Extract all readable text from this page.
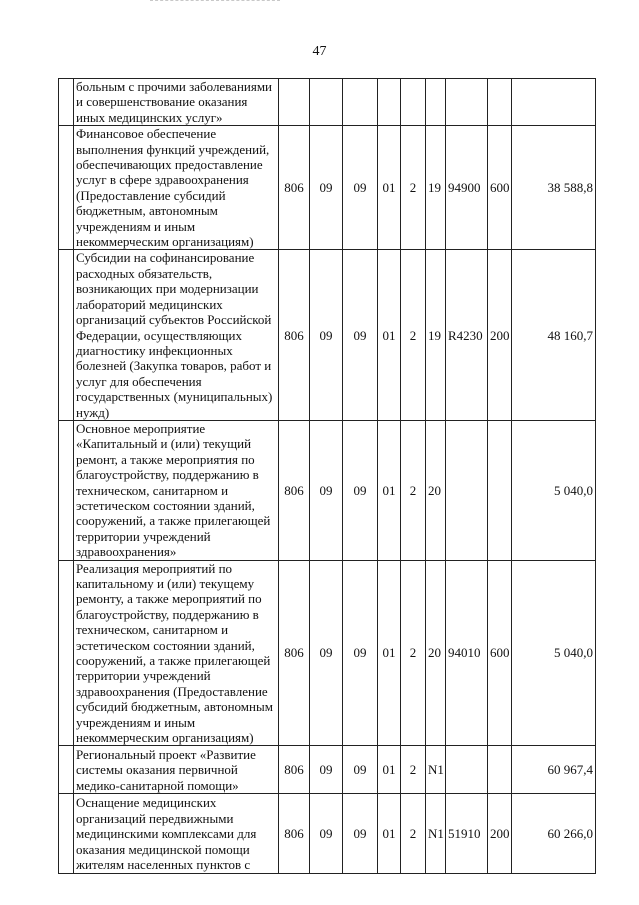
47
	больным с прочими заболеваниями и совершенствование оказания иных медицинских услуг»									
	Финансовое обеспечение выполнения функций учреждений, обеспечивающих предоставление услуг в сфере здравоохранения (Предоставление субсидий бюджетным, автономным учреждениям и иным некоммерческим организациям)	806	09	09	01	2	19	94900	600	38 588,8
	Субсидии на софинансирование расходных обязательств, возникающих при модернизации лабораторий медицинских организаций субъектов Российской Федерации, осуществляющих диагностику инфекционных болезней (Закупка товаров, работ и услуг для обеспечения государственных (муниципальных) нужд)	806	09	09	01	2	19	R4230	200	48 160,7
	Основное мероприятие «Капитальный и (или) текущий ремонт, а также мероприятия по благоустройству, поддержанию в техническом, санитарном и эстетическом состоянии зданий, сооружений, а также прилегающей территории учреждений здравоохранения»	806	09	09	01	2	20			5 040,0
	Реализация мероприятий по капитальному и (или) текущему ремонту, а также мероприятий по благоустройству, поддержанию в техническом, санитарном и эстетическом состоянии зданий, сооружений, а также прилегающей территории учреждений здравоохранения (Предоставление субсидий бюджетным, автономным учреждениям и иным некоммерческим организациям)	806	09	09	01	2	20	94010	600	5 040,0
	Региональный проект «Развитие системы оказания первичной медико-санитарной помощи»	806	09	09	01	2	N1			60 967,4
	Оснащение медицинских организаций передвижными медицинскими комплексами для оказания медицинской помощи жителям населенных пунктов с	806	09	09	01	2	N1	51910	200	60 266,0
